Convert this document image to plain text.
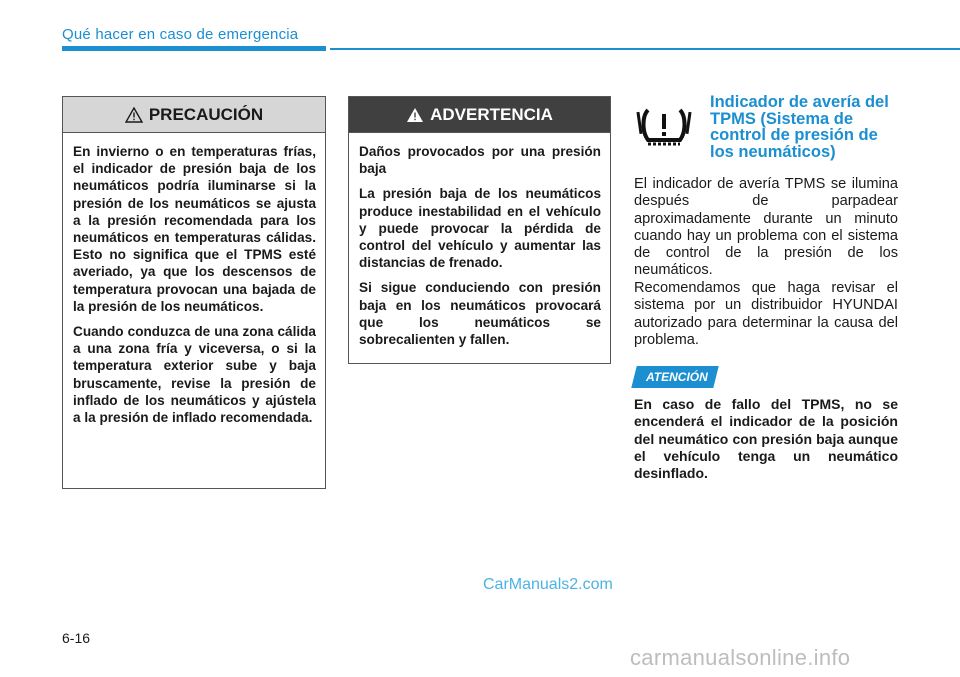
Qué hacer en caso de emergencia
PRECAUCIÓN

En invierno o en temperaturas frías, el indicador de presión baja de los neumáticos podría iluminarse si la presión de los neumáticos se ajusta a la presión recomendada para los neumáticos en temperaturas cálidas. Esto no significa que el TPMS esté averiado, ya que los descensos de temperatura provocan una bajada de la presión de los neumáticos.

Cuando conduzca de una zona cálida a una zona fría y viceversa, o si la temperatura exterior sube y baja bruscamente, revise la presión de inflado de los neumáticos y ajústela a la presión de inflado recomendada.

ADVERTENCIA

Daños provocados por una presión baja

La presión baja de los neumáticos produce inestabilidad en el vehículo y puede provocar la pérdida de control del vehículo y aumentar las distancias de frenado.

Si sigue conduciendo con presión baja en los neumáticos provocará que los neumáticos se sobrecalienten y fallen.

Indicador de avería del TPMS (Sistema de control de presión de los neumáticos)

El indicador de avería TPMS se ilumina después de parpadear aproximadamente durante un minuto cuando hay un problema con el sistema de control de la presión de los neumáticos.

Recomendamos que haga revisar el sistema por un distribuidor HYUNDAI autorizado para determinar la causa del problema.

ATENCIÓN

En caso de fallo del TPMS, no se encenderá el indicador de la posición del neumático con presión baja aunque el vehículo tenga un neumático desinflado.

CarManuals2.com
6-16
carmanualsonline.info
